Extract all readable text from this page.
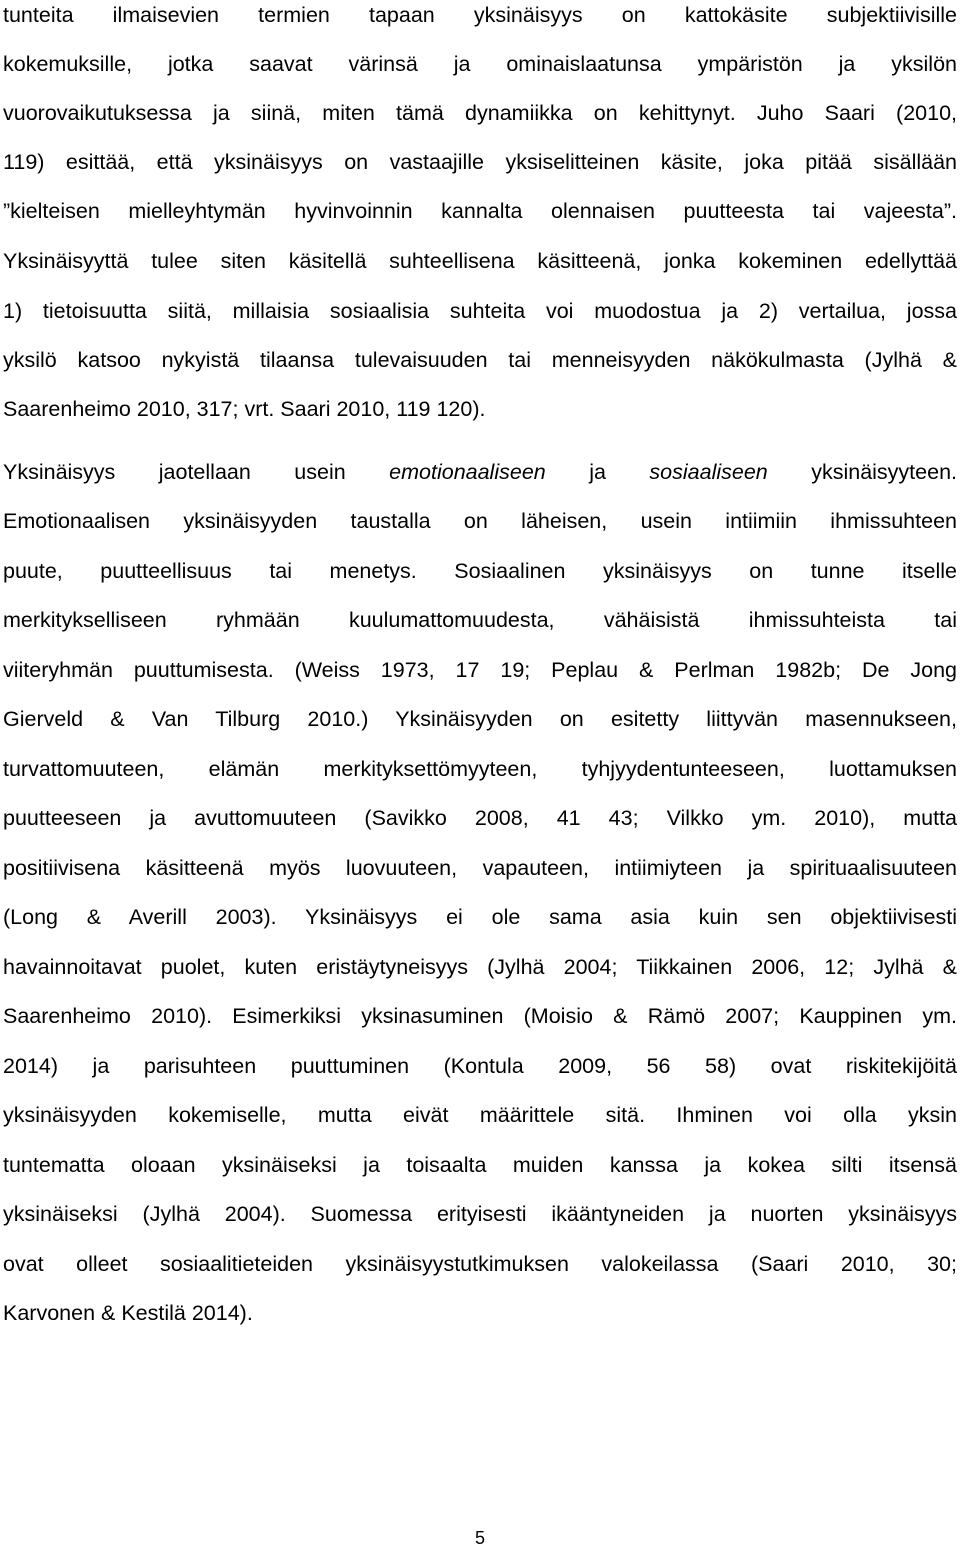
tunteita ilmaisevien termien tapaan yksinäisyys on kattokäsite subjektiivisille
kokemuksille, jotka saavat värinsä ja ominaislaatunsa ympäristön ja yksilön
vuorovaikutuksessa ja siinä, miten tämä dynamiikka on kehittynyt. Juho Saari (2010,
119) esittää, että yksinäisyys on vastaajille yksiselitteinen käsite, joka pitää sisällään
”kielteisen mielleyhtymän hyvinvoinnin kannalta olennaisen puutteesta tai vajeesta”.
Yksinäisyyttä tulee siten käsitellä suhteellisena käsitteenä, jonka kokeminen edellyttää
1) tietoisuutta siitä, millaisia sosiaalisia suhteita voi muodostua ja 2) vertailua, jossa
yksilö katsoo nykyistä tilaansa tulevaisuuden tai menneisyyden näkökulmasta (Jylhä &
Saarenheimo 2010, 317; vrt. Saari 2010, 119 120).
Yksinäisyys jaotellaan usein emotionaaliseen ja sosiaaliseen yksinäisyyteen.
Emotionaalisen yksinäisyyden taustalla on läheisen, usein intiimiin ihmissuhteen
puute, puutteellisuus tai menetys. Sosiaalinen yksinäisyys on tunne itselle
merkitykselliseen ryhmään kuulumattomuudesta, vähäisistä ihmissuhteista tai
viiteryhmän puuttumisesta. (Weiss 1973, 17 19; Peplau & Perlman 1982b; De Jong
Gierveld & Van Tilburg 2010.) Yksinäisyyden on esitetty liittyvän masennukseen,
turvattomuuteen, elämän merkityksettömyyteen, tyhjyydentunteeseen, luottamuksen
puutteeseen ja avuttomuuteen (Savikko 2008, 41 43; Vilkko ym. 2010), mutta
positiivisena käsitteenä myös luovuuteen, vapauteen, intiimiyteen ja spirituaalisuuteen
(Long & Averill 2003). Yksinäisyys ei ole sama asia kuin sen objektiivisesti
havainnoitavat puolet, kuten eristäytyneisyys (Jylhä 2004; Tiikkainen 2006, 12; Jylhä &
Saarenheimo 2010). Esimerkiksi yksinasuminen (Moisio & Rämö 2007; Kauppinen ym.
2014) ja parisuhteen puuttuminen (Kontula 2009, 56 58) ovat riskitekijöitä
yksinäisyyden kokemiselle, mutta eivät määrittele sitä. Ihminen voi olla yksin
tuntematta oloaan yksinäiseksi ja toisaalta muiden kanssa ja kokea silti itsensä
yksinäiseksi (Jylhä 2004). Suomessa erityisesti ikääntyneiden ja nuorten yksinäisyys
ovat olleet sosiaalitieteiden yksinäisyystutkimuksen valokeilassa (Saari 2010, 30;
Karvonen & Kestilä 2014).
5
